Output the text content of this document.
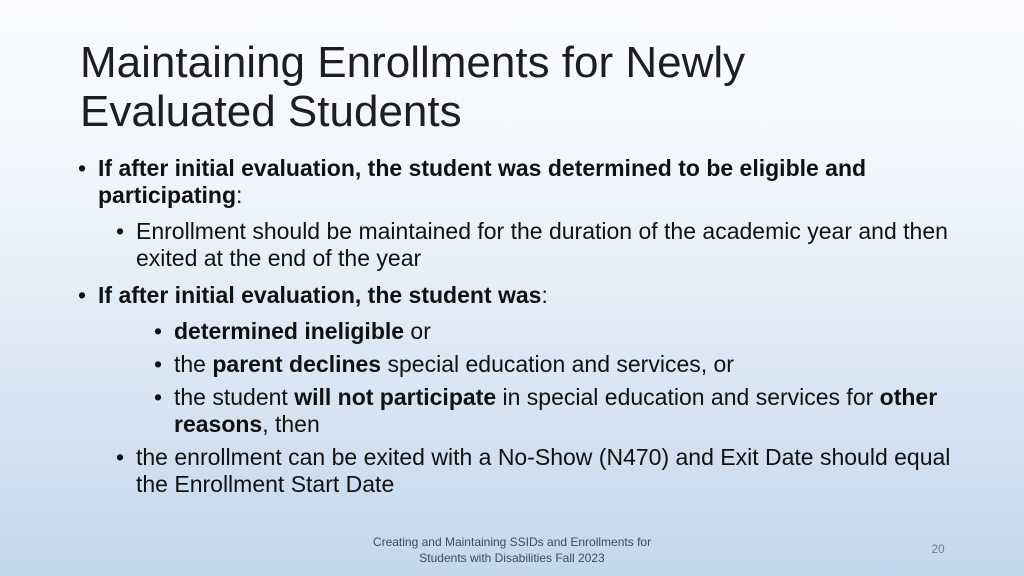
Maintaining Enrollments for Newly
Evaluated Students
• If after initial evaluation, the student was determined to be eligible and participating:
• Enrollment should be maintained for the duration of the academic year and then exited at the end of the year
• If after initial evaluation, the student was:
• determined ineligible or
• the parent declines special education and services, or
• the student will not participate in special education and services for other reasons, then
• the enrollment can be exited with a No-Show (N470) and Exit Date should equal the Enrollment Start Date
Creating and Maintaining SSIDs and Enrollments for
Students with Disabilities Fall 2023
20
